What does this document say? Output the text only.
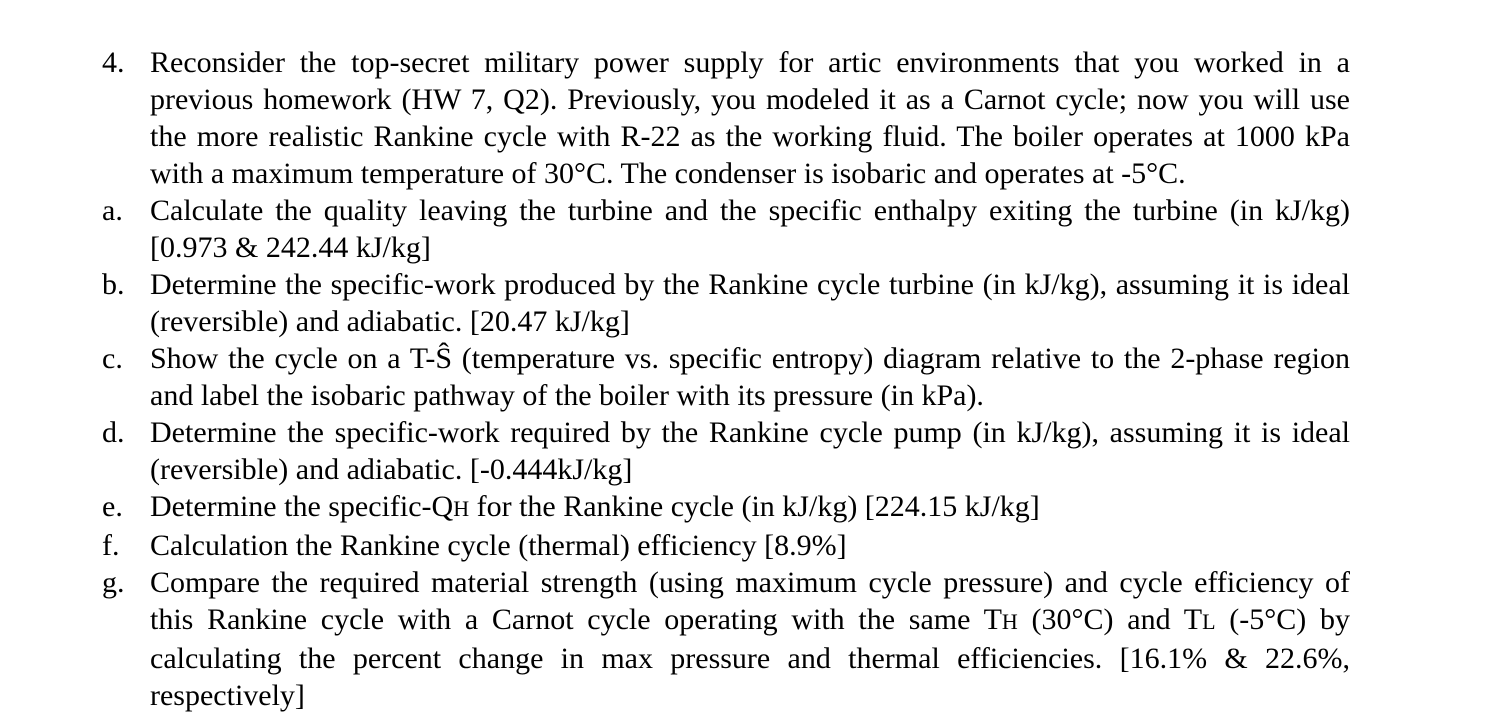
4. Reconsider the top-secret military power supply for artic environments that you worked in a previous homework (HW 7, Q2). Previously, you modeled it as a Carnot cycle; now you will use the more realistic Rankine cycle with R-22 as the working fluid. The boiler operates at 1000 kPa with a maximum temperature of 30°C. The condenser is isobaric and operates at -5°C.
a. Calculate the quality leaving the turbine and the specific enthalpy exiting the turbine (in kJ/kg) [0.973 & 242.44 kJ/kg]
b. Determine the specific-work produced by the Rankine cycle turbine (in kJ/kg), assuming it is ideal (reversible) and adiabatic. [20.47 kJ/kg]
c. Show the cycle on a T-Ŝ (temperature vs. specific entropy) diagram relative to the 2-phase region and label the isobaric pathway of the boiler with its pressure (in kPa).
d. Determine the specific-work required by the Rankine cycle pump (in kJ/kg), assuming it is ideal (reversible) and adiabatic. [-0.444kJ/kg]
e. Determine the specific-QH for the Rankine cycle (in kJ/kg) [224.15 kJ/kg]
f.	Calculation the Rankine cycle (thermal) efficiency [8.9%]
g. Compare the required material strength (using maximum cycle pressure) and cycle efficiency of this Rankine cycle with a Carnot cycle operating with the same TH (30°C) and TL (-5°C) by calculating the percent change in max pressure and thermal efficiencies. [16.1% & 22.6%, respectively]
